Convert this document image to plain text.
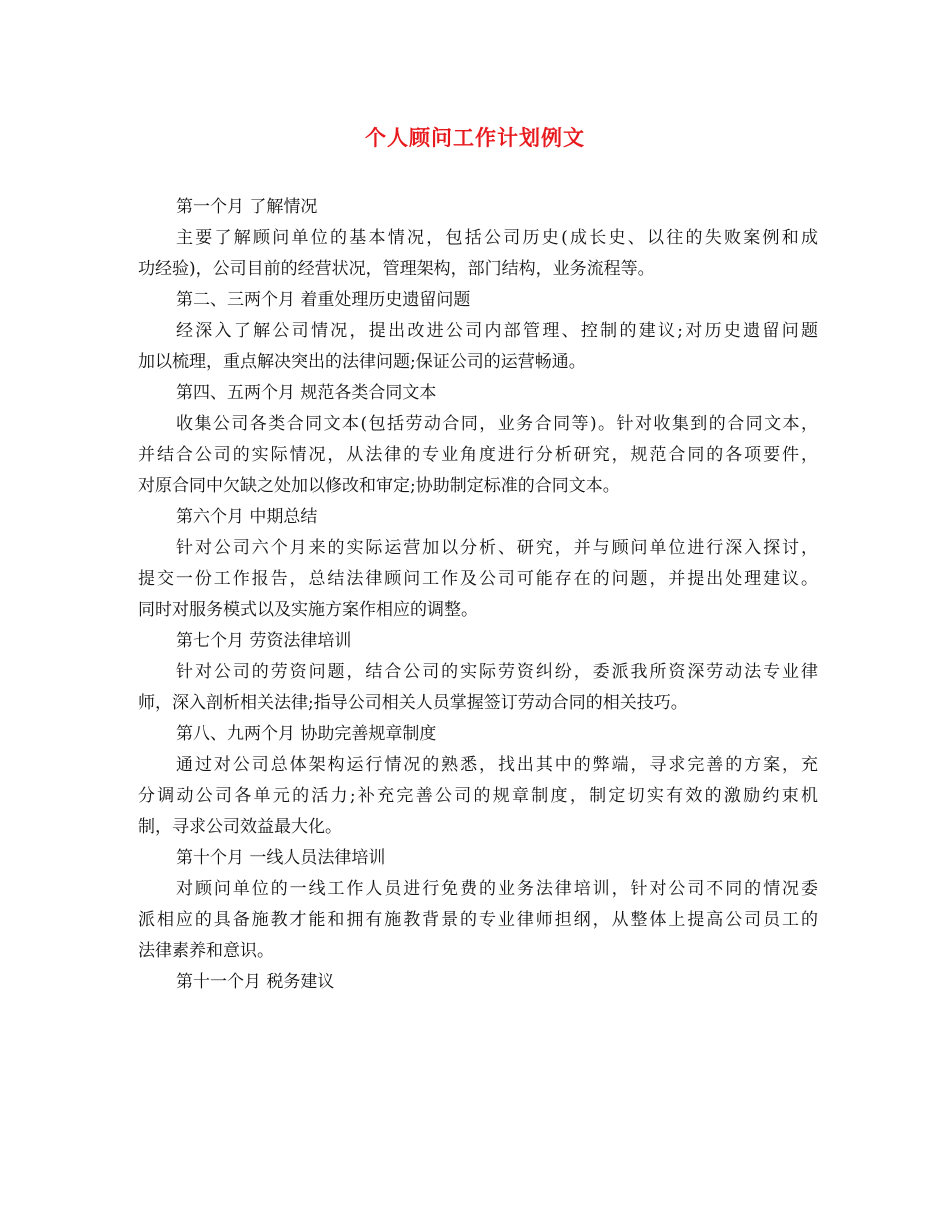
个人顾问工作计划例文
第一个月 了解情况
主要了解顾问单位的基本情况，包括公司历史(成长史、以往的失败案例和成
功经验)，公司目前的经营状况，管理架构，部门结构，业务流程等。
第二、三两个月 着重处理历史遗留问题
经深入了解公司情况，提出改进公司内部管理、控制的建议;对历史遗留问题
加以梳理，重点解决突出的法律问题;保证公司的运营畅通。
第四、五两个月 规范各类合同文本
收集公司各类合同文本(包括劳动合同，业务合同等)。针对收集到的合同文本，
并结合公司的实际情况，从法律的专业角度进行分析研究，规范合同的各项要件，
对原合同中欠缺之处加以修改和审定;协助制定标准的合同文本。
第六个月 中期总结
针对公司六个月来的实际运营加以分析、研究，并与顾问单位进行深入探讨，
提交一份工作报告，总结法律顾问工作及公司可能存在的问题，并提出处理建议。
同时对服务模式以及实施方案作相应的调整。
第七个月 劳资法律培训
针对公司的劳资问题，结合公司的实际劳资纠纷，委派我所资深劳动法专业律
师，深入剖析相关法律;指导公司相关人员掌握签订劳动合同的相关技巧。
第八、九两个月 协助完善规章制度
通过对公司总体架构运行情况的熟悉，找出其中的弊端，寻求完善的方案，充
分调动公司各单元的活力;补充完善公司的规章制度，制定切实有效的激励约束机
制，寻求公司效益最大化。
第十个月 一线人员法律培训
对顾问单位的一线工作人员进行免费的业务法律培训，针对公司不同的情况委
派相应的具备施教才能和拥有施教背景的专业律师担纲，从整体上提高公司员工的
法律素养和意识。
第十一个月 税务建议
